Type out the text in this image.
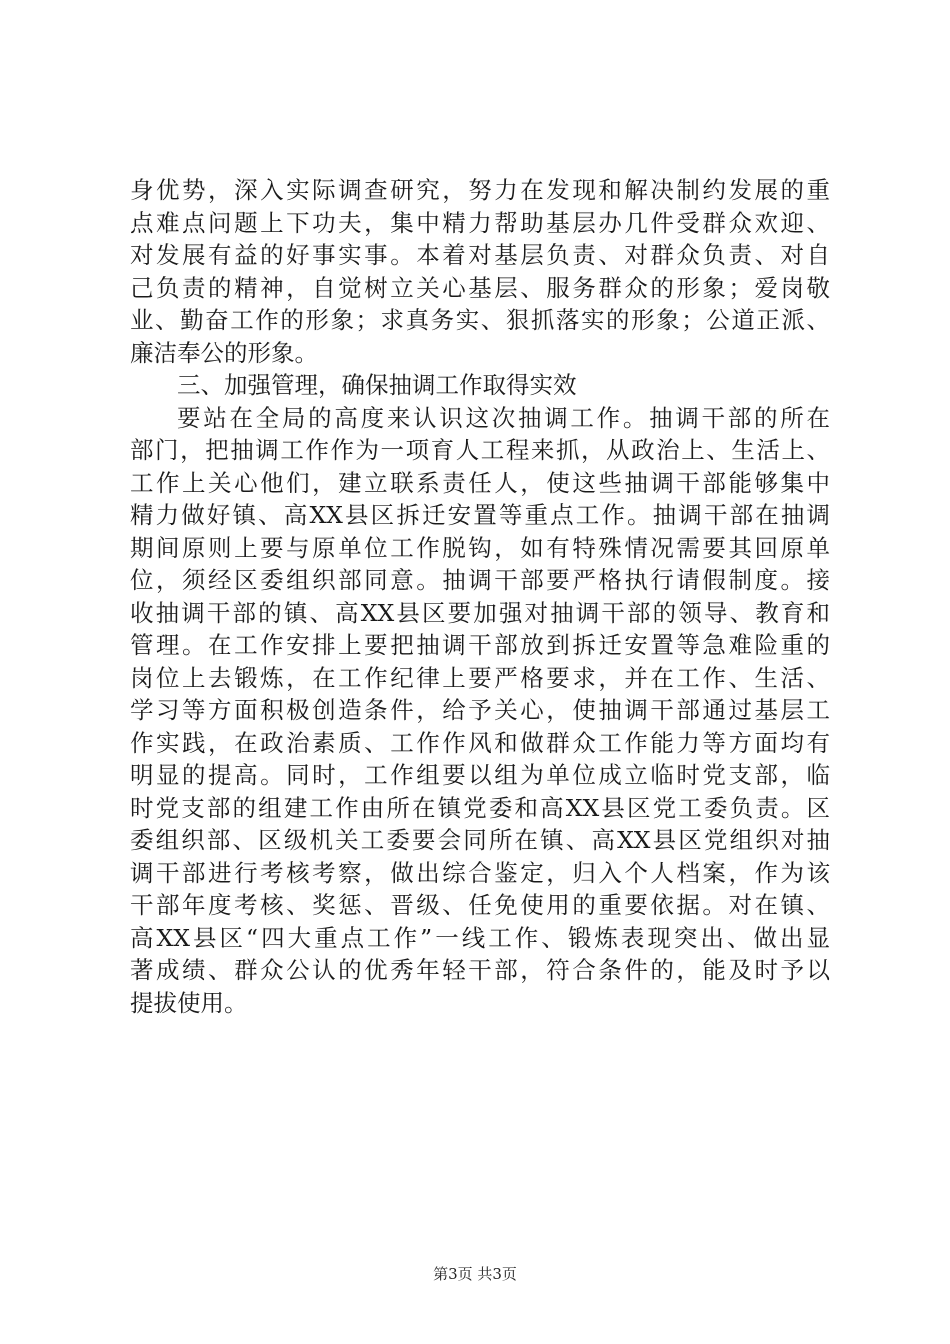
身优势，深入实际调查研究，努力在发现和解决制约发展的重
点难点问题上下功夫，集中精力帮助基层办几件受群众欢迎、
对发展有益的好事实事。本着对基层负责、对群众负责、对自
己负责的精神，自觉树立关心基层、服务群众的形象；爱岗敬
业、勤奋工作的形象；求真务实、狠抓落实的形象；公道正派、
廉洁奉公的形象。
三、加强管理，确保抽调工作取得实效
要站在全局的高度来认识这次抽调工作。抽调干部的所在
部门，把抽调工作作为一项育人工程来抓，从政治上、生活上、
工作上关心他们，建立联系责任人，使这些抽调干部能够集中
精力做好镇、高XX县区拆迁安置等重点工作。抽调干部在抽调
期间原则上要与原单位工作脱钩，如有特殊情况需要其回原单
位，须经区委组织部同意。抽调干部要严格执行请假制度。接
收抽调干部的镇、高XX县区要加强对抽调干部的领导、教育和
管理。在工作安排上要把抽调干部放到拆迁安置等急难险重的
岗位上去锻炼，在工作纪律上要严格要求，并在工作、生活、
学习等方面积极创造条件，给予关心，使抽调干部通过基层工
作实践，在政治素质、工作作风和做群众工作能力等方面均有
明显的提高。同时，工作组要以组为单位成立临时党支部，临
时党支部的组建工作由所在镇党委和高XX县区党工委负责。区
委组织部、区级机关工委要会同所在镇、高XX县区党组织对抽
调干部进行考核考察，做出综合鉴定，归入个人档案，作为该
干部年度考核、奖惩、晋级、任免使用的重要依据。对在镇、
高XX县区“四大重点工作”一线工作、锻炼表现突出、做出显
著成绩、群众公认的优秀年轻干部，符合条件的，能及时予以
提拔使用。
第3页 共3页
